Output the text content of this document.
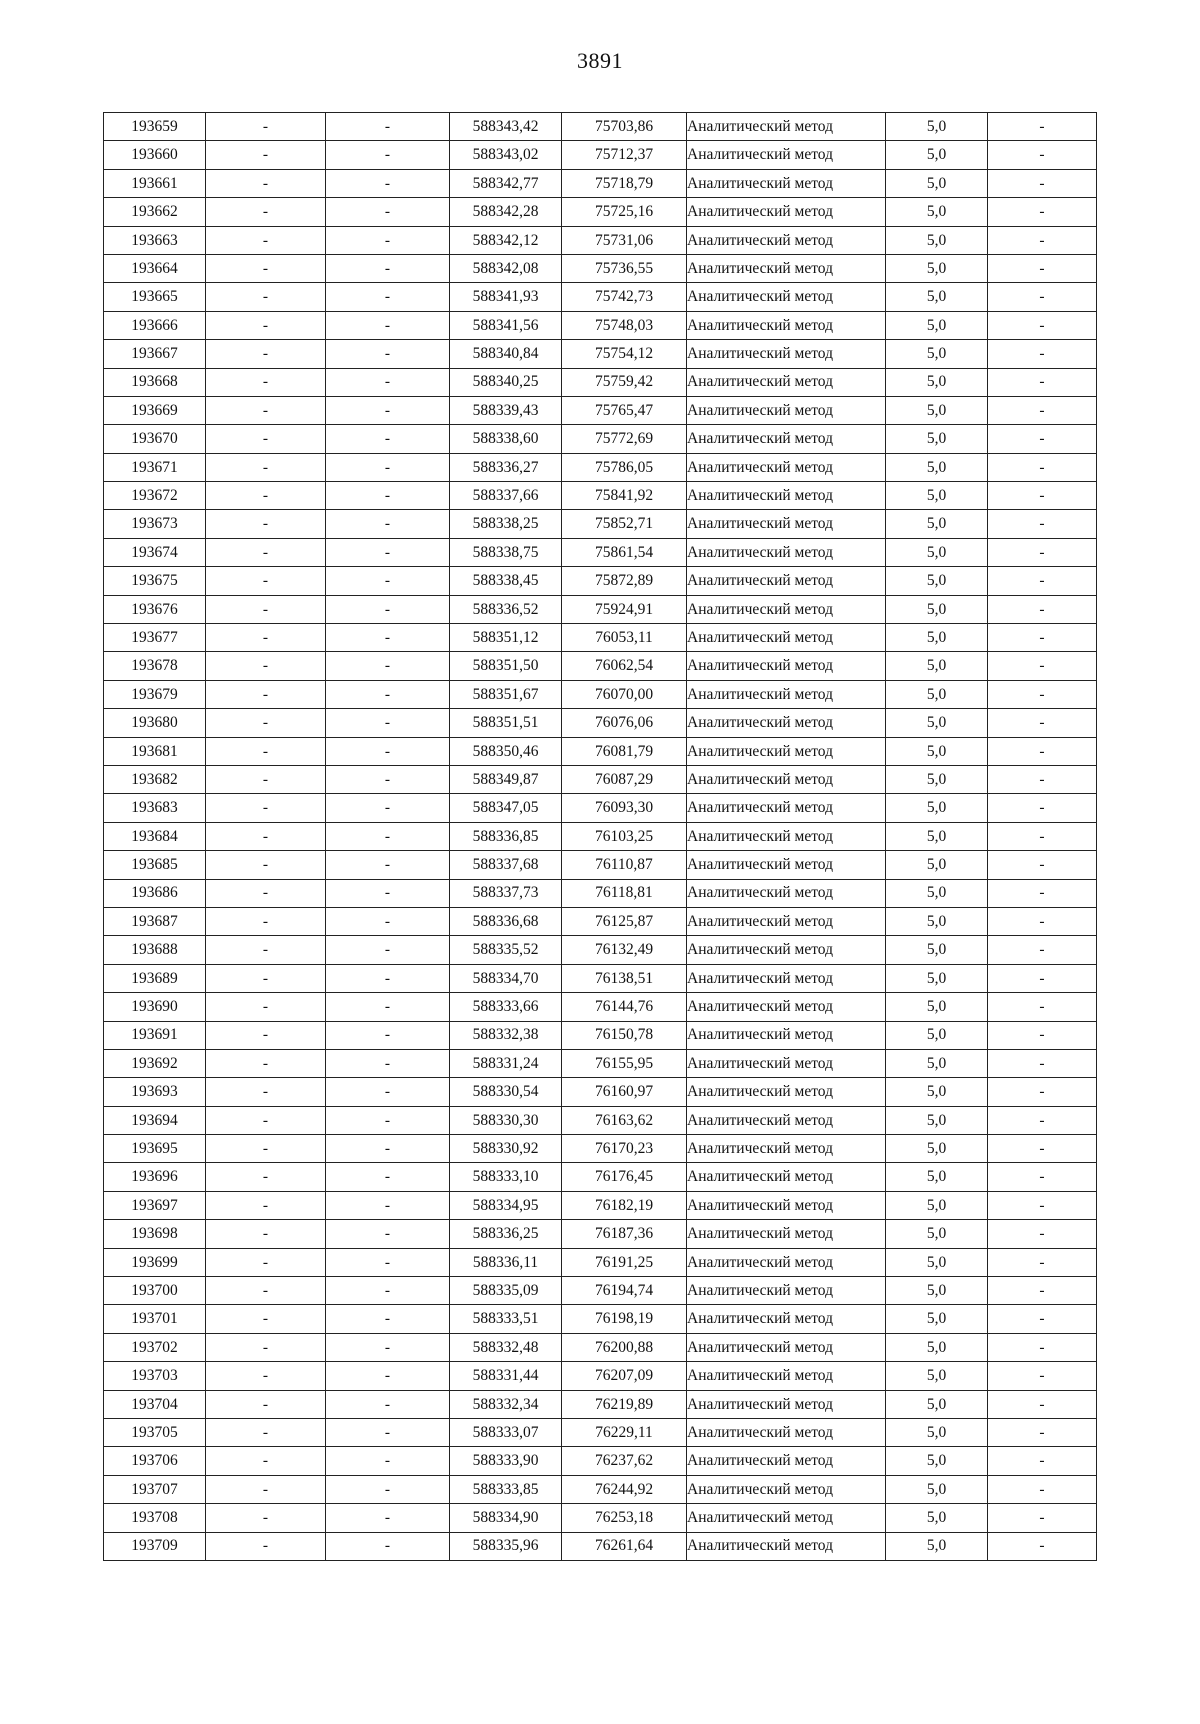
3891
193659	-	-	588343,42	75703,86	Аналитический метод	5,0	-
193660	-	-	588343,02	75712,37	Аналитический метод	5,0	-
193661	-	-	588342,77	75718,79	Аналитический метод	5,0	-
193662	-	-	588342,28	75725,16	Аналитический метод	5,0	-
193663	-	-	588342,12	75731,06	Аналитический метод	5,0	-
193664	-	-	588342,08	75736,55	Аналитический метод	5,0	-
193665	-	-	588341,93	75742,73	Аналитический метод	5,0	-
193666	-	-	588341,56	75748,03	Аналитический метод	5,0	-
193667	-	-	588340,84	75754,12	Аналитический метод	5,0	-
193668	-	-	588340,25	75759,42	Аналитический метод	5,0	-
193669	-	-	588339,43	75765,47	Аналитический метод	5,0	-
193670	-	-	588338,60	75772,69	Аналитический метод	5,0	-
193671	-	-	588336,27	75786,05	Аналитический метод	5,0	-
193672	-	-	588337,66	75841,92	Аналитический метод	5,0	-
193673	-	-	588338,25	75852,71	Аналитический метод	5,0	-
193674	-	-	588338,75	75861,54	Аналитический метод	5,0	-
193675	-	-	588338,45	75872,89	Аналитический метод	5,0	-
193676	-	-	588336,52	75924,91	Аналитический метод	5,0	-
193677	-	-	588351,12	76053,11	Аналитический метод	5,0	-
193678	-	-	588351,50	76062,54	Аналитический метод	5,0	-
193679	-	-	588351,67	76070,00	Аналитический метод	5,0	-
193680	-	-	588351,51	76076,06	Аналитический метод	5,0	-
193681	-	-	588350,46	76081,79	Аналитический метод	5,0	-
193682	-	-	588349,87	76087,29	Аналитический метод	5,0	-
193683	-	-	588347,05	76093,30	Аналитический метод	5,0	-
193684	-	-	588336,85	76103,25	Аналитический метод	5,0	-
193685	-	-	588337,68	76110,87	Аналитический метод	5,0	-
193686	-	-	588337,73	76118,81	Аналитический метод	5,0	-
193687	-	-	588336,68	76125,87	Аналитический метод	5,0	-
193688	-	-	588335,52	76132,49	Аналитический метод	5,0	-
193689	-	-	588334,70	76138,51	Аналитический метод	5,0	-
193690	-	-	588333,66	76144,76	Аналитический метод	5,0	-
193691	-	-	588332,38	76150,78	Аналитический метод	5,0	-
193692	-	-	588331,24	76155,95	Аналитический метод	5,0	-
193693	-	-	588330,54	76160,97	Аналитический метод	5,0	-
193694	-	-	588330,30	76163,62	Аналитический метод	5,0	-
193695	-	-	588330,92	76170,23	Аналитический метод	5,0	-
193696	-	-	588333,10	76176,45	Аналитический метод	5,0	-
193697	-	-	588334,95	76182,19	Аналитический метод	5,0	-
193698	-	-	588336,25	76187,36	Аналитический метод	5,0	-
193699	-	-	588336,11	76191,25	Аналитический метод	5,0	-
193700	-	-	588335,09	76194,74	Аналитический метод	5,0	-
193701	-	-	588333,51	76198,19	Аналитический метод	5,0	-
193702	-	-	588332,48	76200,88	Аналитический метод	5,0	-
193703	-	-	588331,44	76207,09	Аналитический метод	5,0	-
193704	-	-	588332,34	76219,89	Аналитический метод	5,0	-
193705	-	-	588333,07	76229,11	Аналитический метод	5,0	-
193706	-	-	588333,90	76237,62	Аналитический метод	5,0	-
193707	-	-	588333,85	76244,92	Аналитический метод	5,0	-
193708	-	-	588334,90	76253,18	Аналитический метод	5,0	-
193709	-	-	588335,96	76261,64	Аналитический метод	5,0	-
